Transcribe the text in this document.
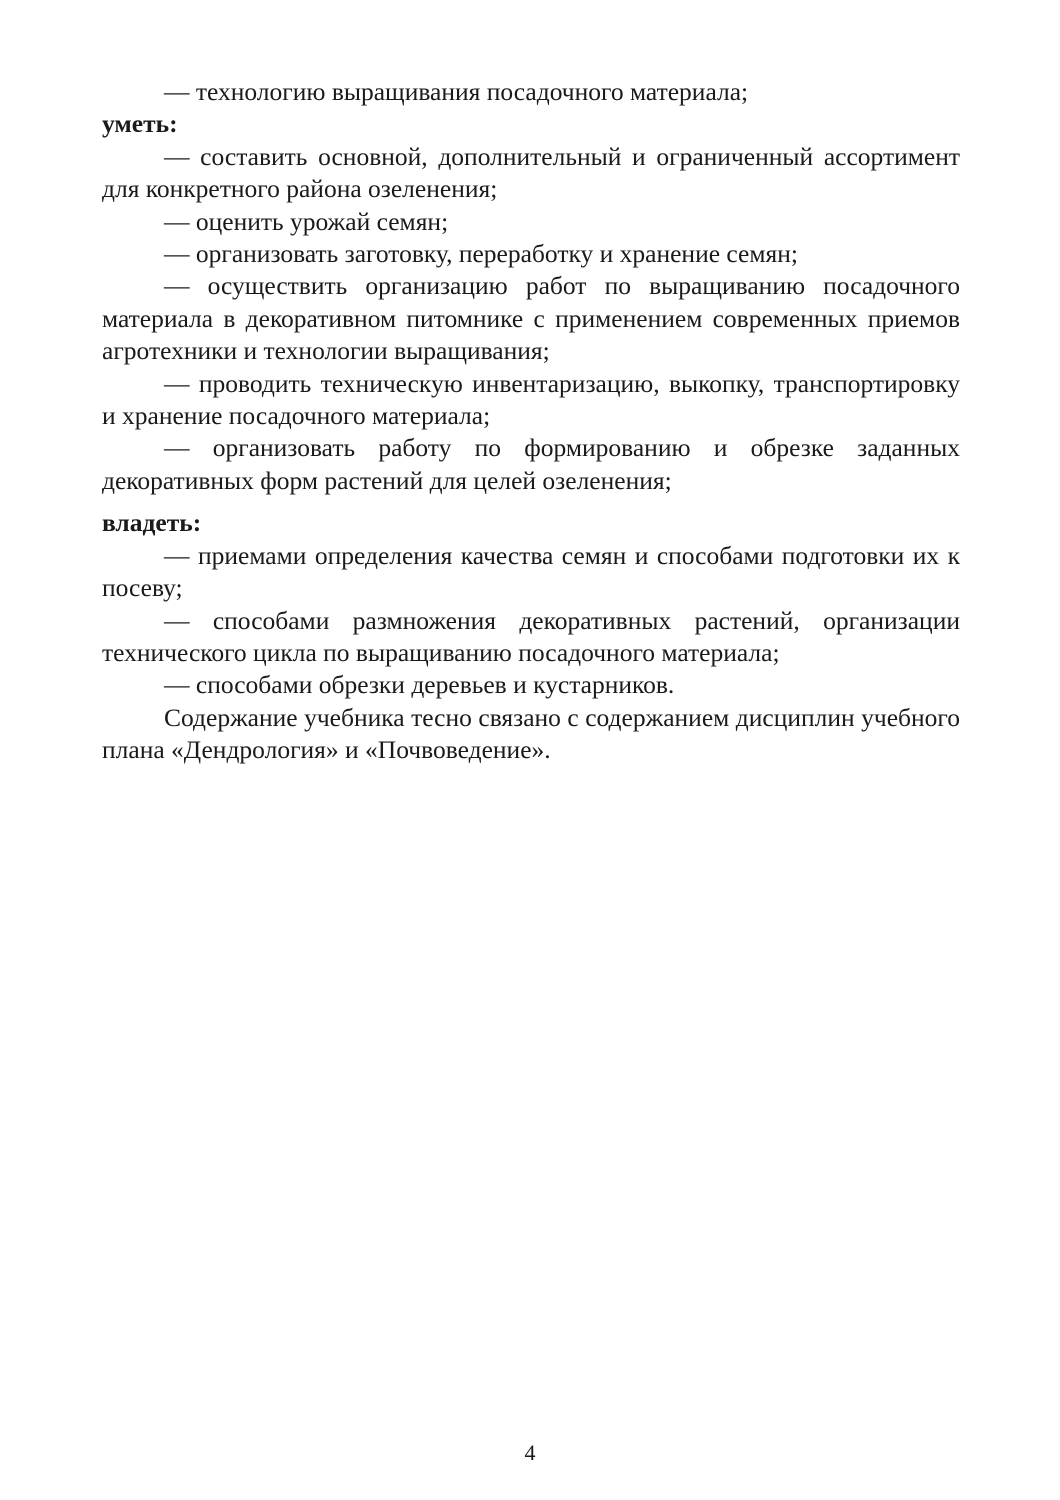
— технологию выращивания посадочного материала;

уметь:

— составить основной, дополнительный и ограниченный ассортимент для конкретного района озеленения;

— оценить урожай семян;

— организовать заготовку, переработку и хранение семян;

— осуществить организацию работ по выращиванию посадочного материала в декоративном питомнике с применением современных приемов агротехники и технологии выращивания;

— проводить техническую инвентаризацию, выкопку, транспортировку и хранение посадочного материала;

— организовать работу по формированию и обрезке заданных декоративных форм растений для целей озеленения;

владеть:

— приемами определения качества семян и способами подготовки их к посеву;

— способами размножения декоративных растений, организации технического цикла по выращиванию посадочного материала;

— способами обрезки деревьев и кустарников.

Содержание учебника тесно связано с содержанием дисциплин учебного плана «Дендрология» и «Почвоведение».

4
